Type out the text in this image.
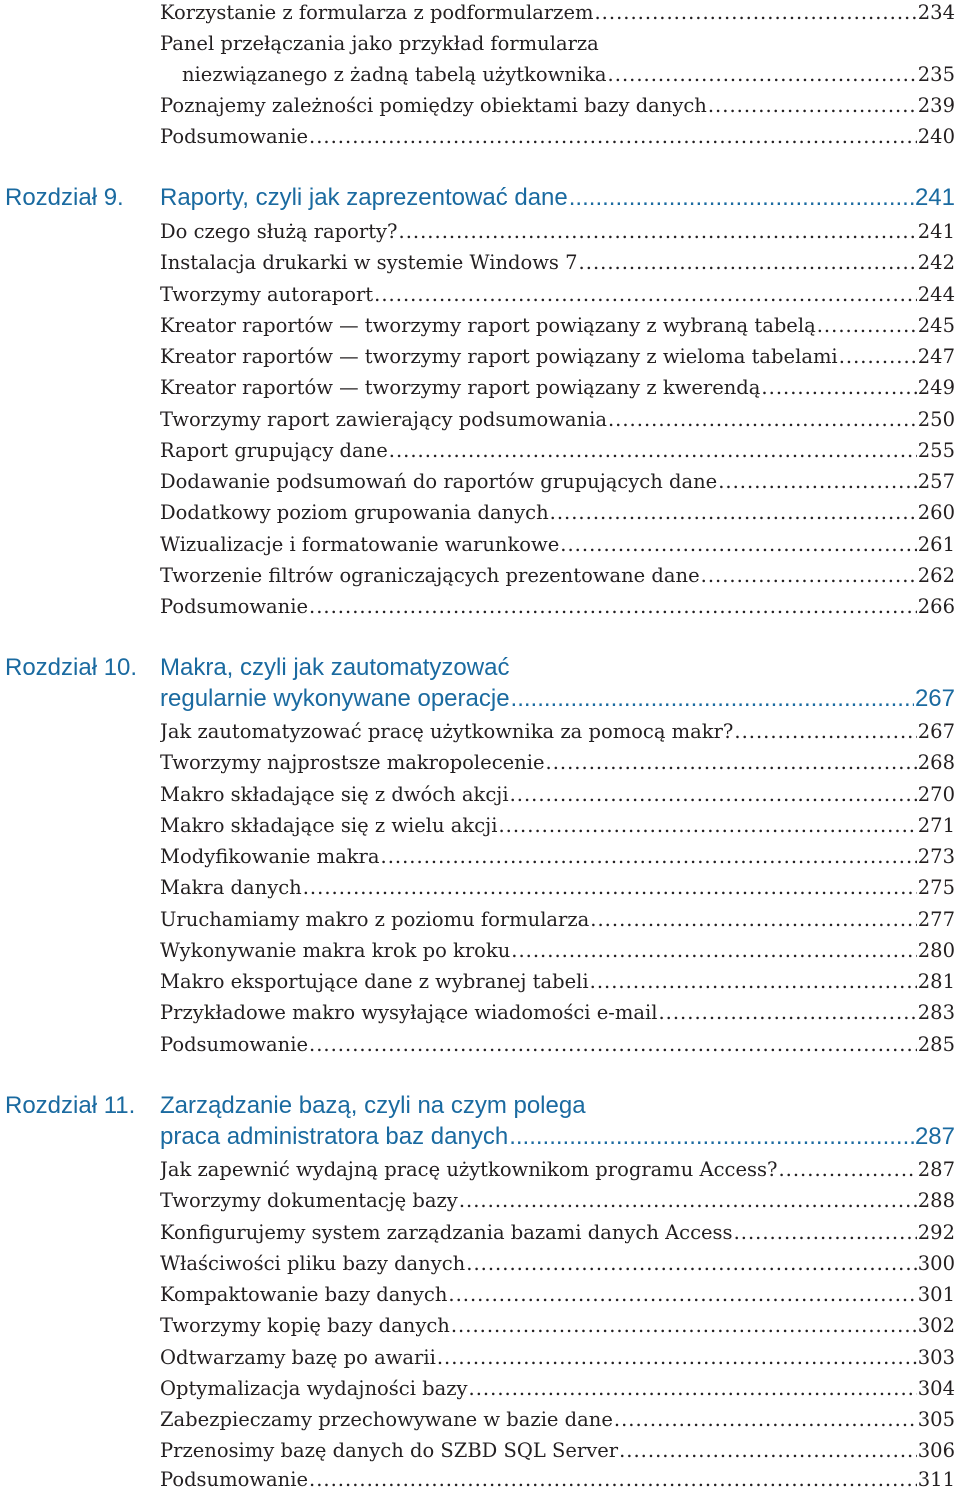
Korzystanie z formularza z podformularzem .....	234
Panel przełączania jako przykład formularza
niezwiązanego z żadną tabelą użytkownika .....	235
Poznajemy zależności pomiędzy obiektami bazy danych .....	239
Podsumowanie .....	240
Rozdział 9. Raporty, czyli jak zaprezentować dane .....	241
Do czego służą raporty? .....	241
Instalacja drukarki w systemie Windows 7 .....	242
Tworzymy autoraport .....	244
Kreator raportów — tworzymy raport powiązany z wybraną tabelą .....	245
Kreator raportów — tworzymy raport powiązany z wieloma tabelami .....	247
Kreator raportów — tworzymy raport powiązany z kwerendą .....	249
Tworzymy raport zawierający podsumowania .....	250
Raport grupujący dane .....	255
Dodawanie podsumowań do raportów grupujących dane .....	257
Dodatkowy poziom grupowania danych .....	260
Wizualizacje i formatowanie warunkowe .....	261
Tworzenie filtrów ograniczających prezentowane dane .....	262
Podsumowanie .....	266
Rozdział 10. Makra, czyli jak zautomatyzować
regularnie wykonywane operacje .....	267
Jak zautomatyzować pracę użytkownika za pomocą makr? .....	267
Tworzymy najprostsze makropolecenie .....	268
Makro składające się z dwóch akcji .....	270
Makro składające się z wielu akcji .....	271
Modyfikowanie makra .....	273
Makra danych .....	275
Uruchamiamy makro z poziomu formularza .....	277
Wykonywanie makra krok po kroku .....	280
Makro eksportujące dane z wybranej tabeli .....	281
Przykładowe makro wysyłające wiadomości e-mail .....	283
Podsumowanie .....	285
Rozdział 11. Zarządzanie bazą, czyli na czym polega
praca administratora baz danych .....	287
Jak zapewnić wydajną pracę użytkownikom programu Access? .....	287
Tworzymy dokumentację bazy .....	288
Konfigurujemy system zarządzania bazami danych Access .....	292
Właściwości pliku bazy danych .....	300
Kompaktowanie bazy danych .....	301
Tworzymy kopię bazy danych .....	302
Odtwarzamy bazę po awarii .....	303
Optymalizacja wydajności bazy .....	304
Zabezpieczamy przechowywane w bazie dane .....	305
Przenosimy bazę danych do SZBD SQL Server .....	306
Podsumowanie .....	311
